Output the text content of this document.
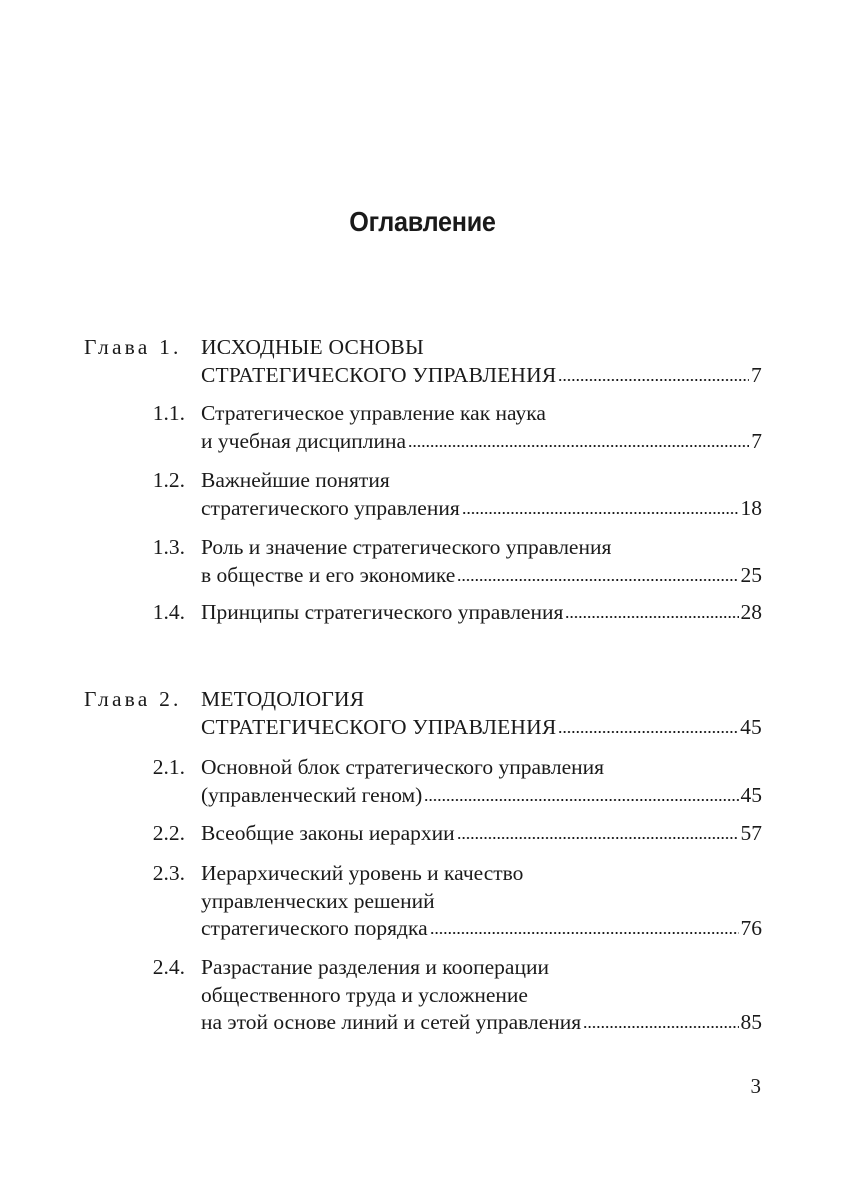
Оглавление
Глава 1. ИСХОДНЫЕ ОСНОВЫ
СТРАТЕГИЧЕСКОГО УПРАВЛЕНИЯ	7
1.1. Стратегическое управление как наука
и учебная дисциплина	7
1.2. Важнейшие понятия
стратегического управления	18
1.3. Роль и значение стратегического управления
в обществе и его экономике	25
1.4. Принципы стратегического управления	28
Глава 2. МЕТОДОЛОГИЯ
СТРАТЕГИЧЕСКОГО УПРАВЛЕНИЯ	45
2.1. Основной блок стратегического управления
(управленческий геном)	45
2.2. Всеобщие законы иерархии	57
2.3. Иерархический уровень и качество
управленческих решений
стратегического порядка	76
2.4. Разрастание разделения и кооперации
общественного труда и усложнение
на этой основе линий и сетей управления	85
3
